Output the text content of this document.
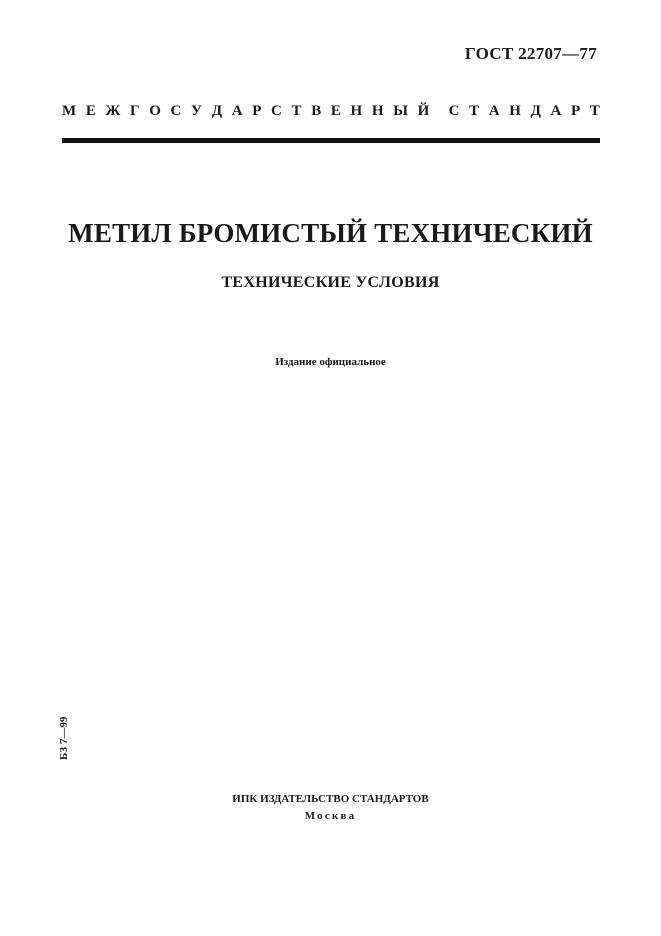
ГОСТ 22707—77
М Е Ж Г О С У Д А Р С Т В Е Н Н Ы Й С Т А Н Д А Р Т
МЕТИЛ БРОМИСТЫЙ ТЕХНИЧЕСКИЙ
ТЕХНИЧЕСКИЕ УСЛОВИЯ
Издание официальное
БЗ 7—99
ИПК ИЗДАТЕЛЬСТВО СТАНДАРТОВ
Москва
